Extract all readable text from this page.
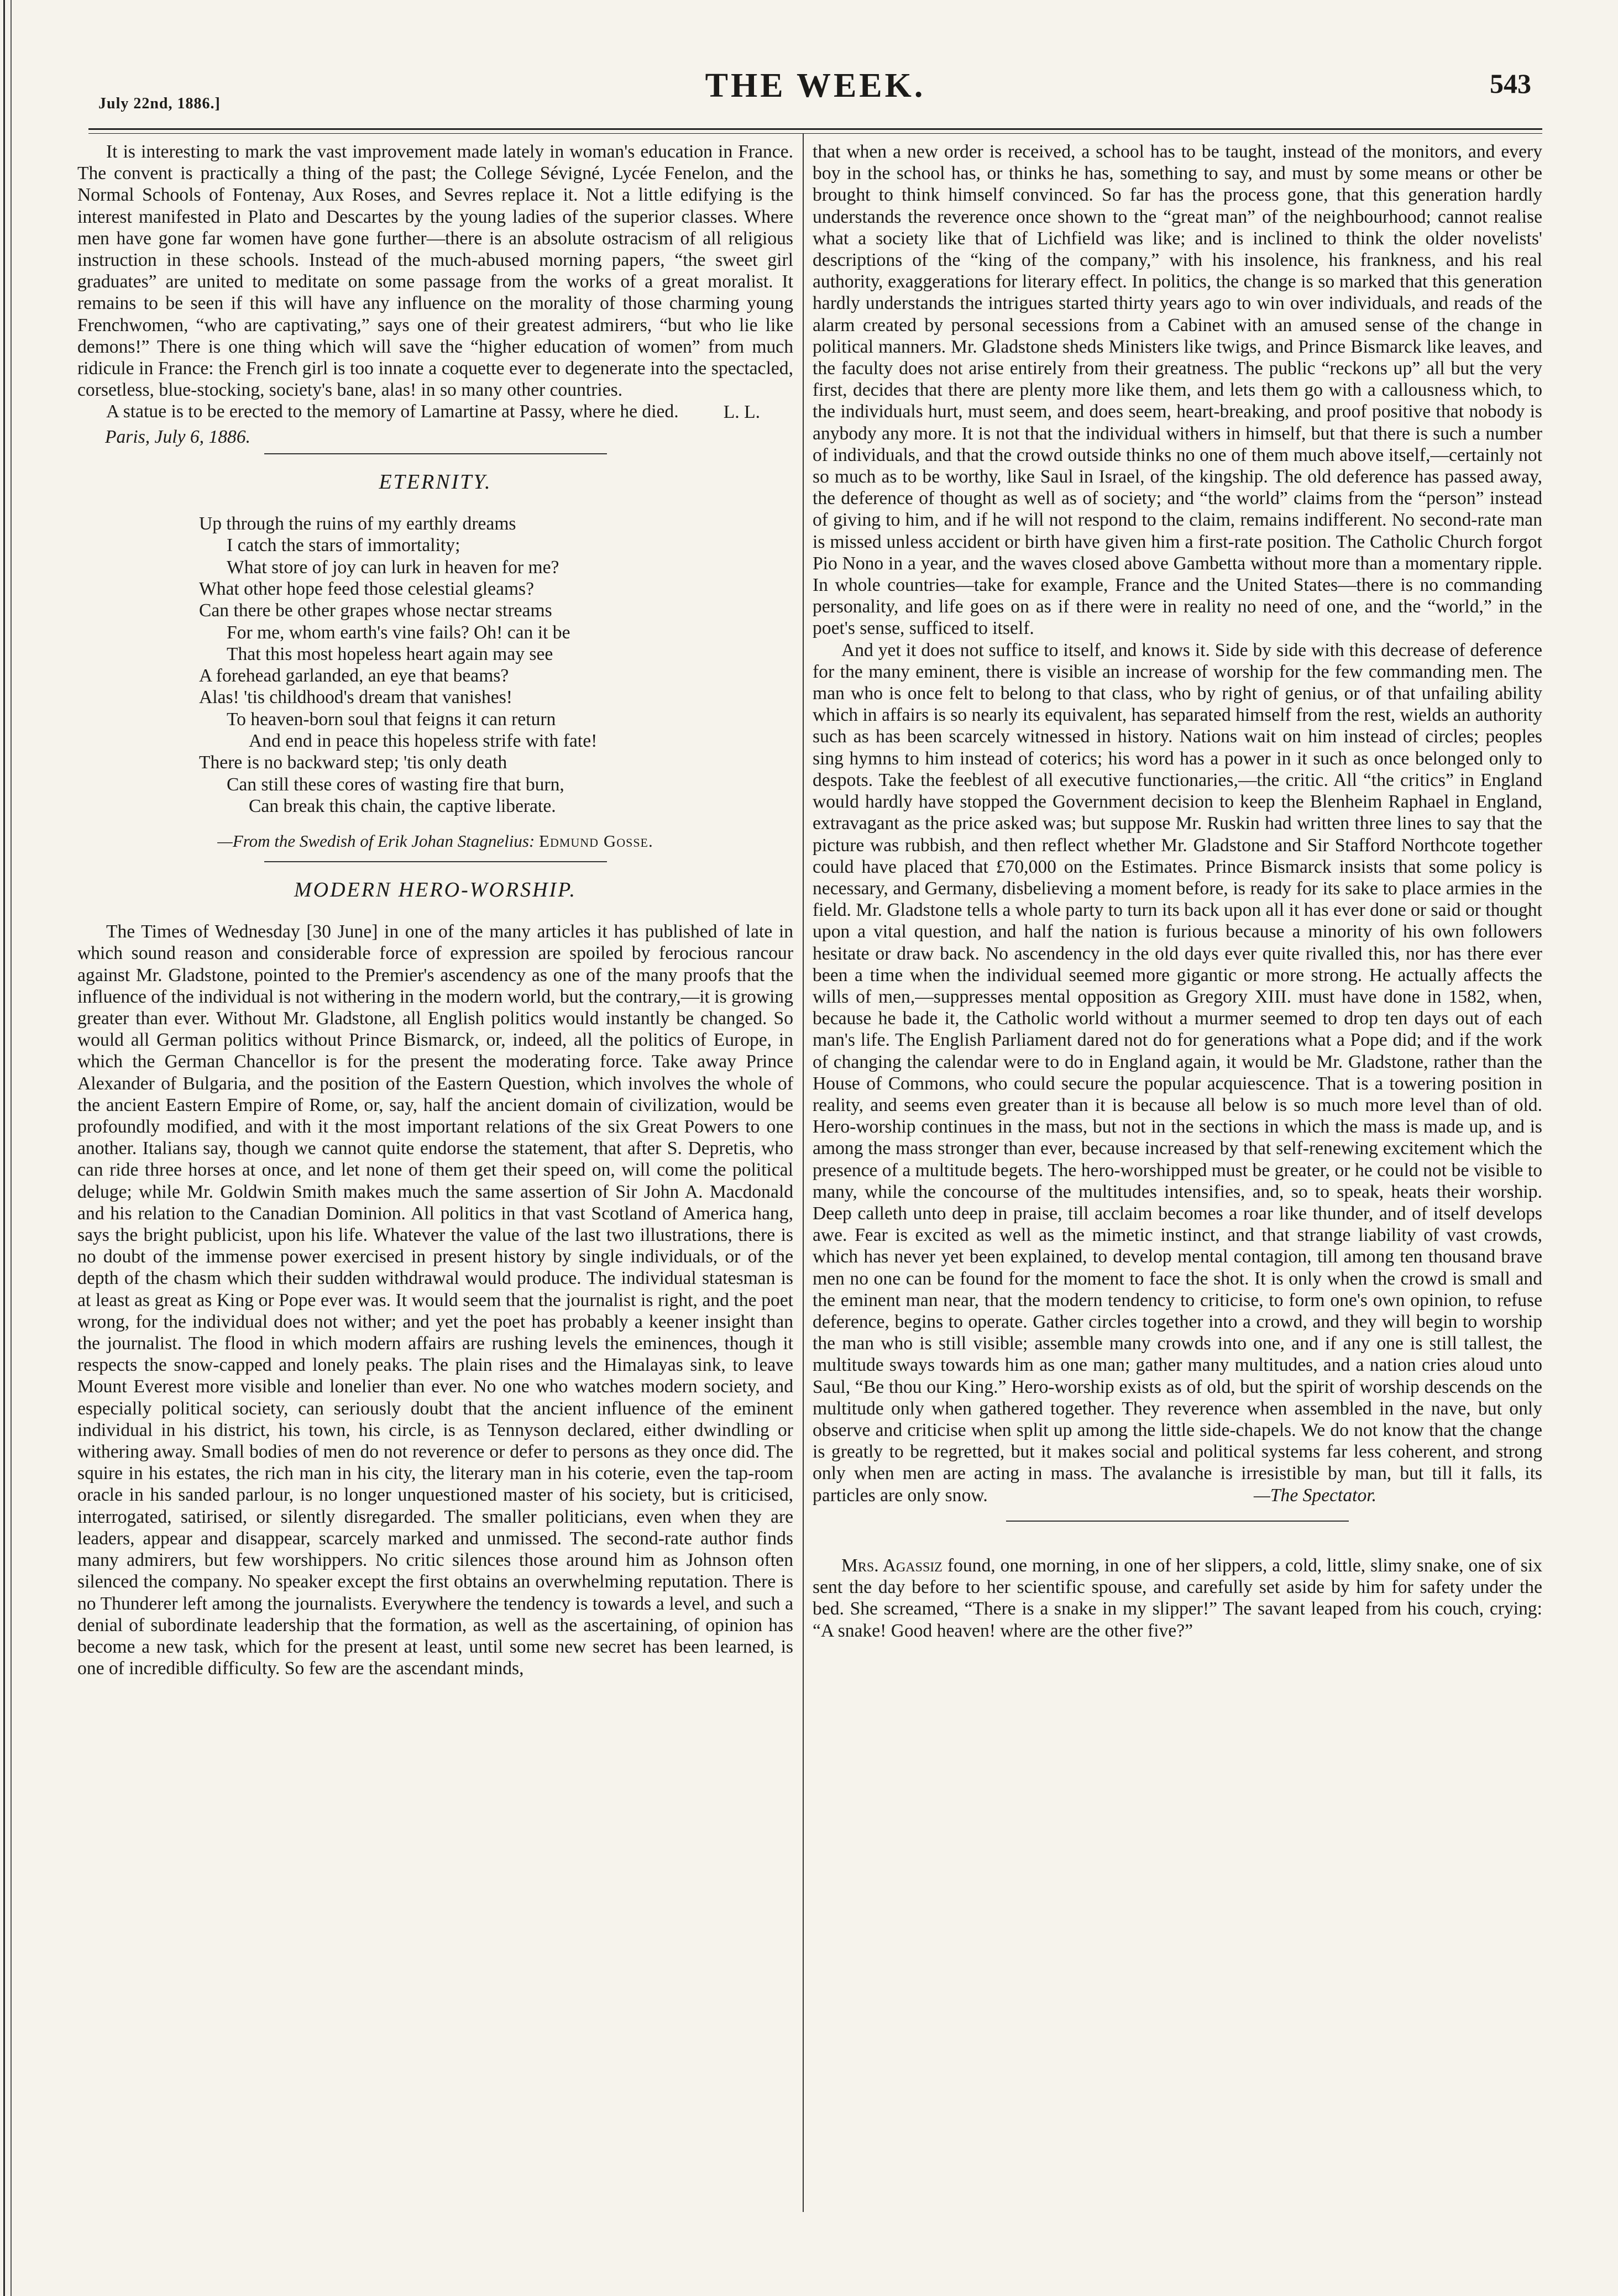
July 22nd, 1886.]	THE WEEK.	543

It is interesting to mark the vast improvement made lately in woman's education in France. The convent is practically a thing of the past; the College Sévigné, Lycée Fenelon, and the Normal Schools of Fontenay, Aux Roses, and Sevres replace it. Not a little edifying is the interest manifested in Plato and Descartes by the young ladies of the superior classes. Where men have gone far women have gone further—there is an absolute ostracism of all religious instruction in these schools. Instead of the much-abused morning papers, “the sweet girl graduates” are united to meditate on some passage from the works of a great moralist. It remains to be seen if this will have any influence on the morality of those charming young Frenchwomen, “who are captivating,” says one of their greatest admirers, “but who lie like demons!” There is one thing which will save the “higher education of women” from much ridicule in France: the French girl is too innate a coquette ever to degenerate into the spectacled, corsetless, blue-stocking, society's bane, alas! in so many other countries.

A statue is to be erected to the memory of Lamartine at Passy, where he died.	L. L.
Paris, July 6, 1886.
ETERNITY.
Up through the ruins of my earthly dreams
I catch the stars of immortality;
What store of joy can lurk in heaven for me?
What other hope feed those celestial gleams?
Can there be other grapes whose nectar streams
For me, whom earth's vine fails? Oh! can it be
That this most hopeless heart again may see
A forehead garlanded, an eye that beams?
Alas! 'tis childhood's dream that vanishes!
To heaven-born soul that feigns it can return
And end in peace this hopeless strife with fate!
There is no backward step; 'tis only death
Can still these cores of wasting fire that burn,
Can break this chain, the captive liberate.
—From the Swedish of Erik Johan Stagnelius: Edmund Gosse.
MODERN HERO-WORSHIP.

The Times of Wednesday [30 June] in one of the many articles it has published of late in which sound reason and considerable force of expression are spoiled by ferocious rancour against Mr. Gladstone, pointed to the Premier's ascendency as one of the many proofs that the influence of the individual is not withering in the modern world, but the contrary,—it is growing greater than ever. Without Mr. Gladstone, all English politics would instantly be changed. So would all German politics without Prince Bismarck, or, indeed, all the politics of Europe, in which the German Chancellor is for the present the moderating force. Take away Prince Alexander of Bulgaria, and the position of the Eastern Question, which involves the whole of the ancient Eastern Empire of Rome, or, say, half the ancient domain of civilization, would be profoundly modified, and with it the most important relations of the six Great Powers to one another. Italians say, though we cannot quite endorse the statement, that after S. Depretis, who can ride three horses at once, and let none of them get their speed on, will come the political deluge; while Mr. Goldwin Smith makes much the same assertion of Sir John A. Macdonald and his relation to the Canadian Dominion. All politics in that vast Scotland of America hang, says the bright publicist, upon his life. Whatever the value of the last two illustrations, there is no doubt of the immense power exercised in present history by single individuals, or of the depth of the chasm which their sudden withdrawal would produce. The individual statesman is at least as great as King or Pope ever was. It would seem that the journalist is right, and the poet wrong, for the individual does not wither; and yet the poet has probably a keener insight than the journalist. The flood in which modern affairs are rushing levels the eminences, though it respects the snow-capped and lonely peaks. The plain rises and the Himalayas sink, to leave Mount Everest more visible and lonelier than ever. No one who watches modern society, and especially political society, can seriously doubt that the ancient influence of the eminent individual in his district, his town, his circle, is as Tennyson declared, either dwindling or withering away. Small bodies of men do not reverence or defer to persons as they once did. The squire in his estates, the rich man in his city, the literary man in his coterie, even the tap-room oracle in his sanded parlour, is no longer unquestioned master of his society, but is criticised, interrogated, satirised, or silently disregarded. The smaller politicians, even when they are leaders, appear and disappear, scarcely marked and unmissed. The second-rate author finds many admirers, but few worshippers. No critic silences those around him as Johnson often silenced the company. No speaker except the first obtains an overwhelming reputation. There is no Thunderer left among the journalists. Everywhere the tendency is towards a level, and such a denial of subordinate leadership that the formation, as well as the ascertaining, of opinion has become a new task, which for the present at least, until some new secret has been learned, is one of incredible difficulty. So few are the ascendant minds,

that when a new order is received, a school has to be taught, instead of the monitors, and every boy in the school has, or thinks he has, something to say, and must by some means or other be brought to think himself convinced. So far has the process gone, that this generation hardly understands the reverence once shown to the “great man” of the neighbourhood; cannot realise what a society like that of Lichfield was like; and is inclined to think the older novelists' descriptions of the “king of the company,” with his insolence, his frankness, and his real authority, exaggerations for literary effect. In politics, the change is so marked that this generation hardly understands the intrigues started thirty years ago to win over individuals, and reads of the alarm created by personal secessions from a Cabinet with an amused sense of the change in political manners. Mr. Gladstone sheds Ministers like twigs, and Prince Bismarck like leaves, and the faculty does not arise entirely from their greatness. The public “reckons up” all but the very first, decides that there are plenty more like them, and lets them go with a callousness which, to the individuals hurt, must seem, and does seem, heart-breaking, and proof positive that nobody is anybody any more. It is not that the individual withers in himself, but that there is such a number of individuals, and that the crowd outside thinks no one of them much above itself,—certainly not so much as to be worthy, like Saul in Israel, of the kingship. The old deference has passed away, the deference of thought as well as of society; and “the world” claims from the “person” instead of giving to him, and if he will not respond to the claim, remains indifferent. No second-rate man is missed unless accident or birth have given him a first-rate position. The Catholic Church forgot Pio Nono in a year, and the waves closed above Gambetta without more than a momentary ripple. In whole countries—take for example, France and the United States—there is no commanding personality, and life goes on as if there were in reality no need of one, and the “world,” in the poet's sense, sufficed to itself.

And yet it does not suffice to itself, and knows it. Side by side with this decrease of deference for the many eminent, there is visible an increase of worship for the few commanding men. The man who is once felt to belong to that class, who by right of genius, or of that unfailing ability which in affairs is so nearly its equivalent, has separated himself from the rest, wields an authority such as has been scarcely witnessed in history. Nations wait on him instead of circles; peoples sing hymns to him instead of coterics; his word has a power in it such as once belonged only to despots. Take the feeblest of all executive functionaries,—the critic. All “the critics” in England would hardly have stopped the Government decision to keep the Blenheim Raphael in England, extravagant as the price asked was; but suppose Mr. Ruskin had written three lines to say that the picture was rubbish, and then reflect whether Mr. Gladstone and Sir Stafford Northcote together could have placed that £70,000 on the Estimates. Prince Bismarck insists that some policy is necessary, and Germany, disbelieving a moment before, is ready for its sake to place armies in the field. Mr. Gladstone tells a whole party to turn its back upon all it has ever done or said or thought upon a vital question, and half the nation is furious because a minority of his own followers hesitate or draw back. No ascendency in the old days ever quite rivalled this, nor has there ever been a time when the individual seemed more gigantic or more strong. He actually affects the wills of men,—suppresses mental opposition as Gregory XIII. must have done in 1582, when, because he bade it, the Catholic world without a murmer seemed to drop ten days out of each man's life. The English Parliament dared not do for generations what a Pope did; and if the work of changing the calendar were to do in England again, it would be Mr. Gladstone, rather than the House of Commons, who could secure the popular acquiescence. That is a towering position in reality, and seems even greater than it is because all below is so much more level than of old. Hero-worship continues in the mass, but not in the sections in which the mass is made up, and is among the mass stronger than ever, because increased by that self-renewing excitement which the presence of a multitude begets. The hero-worshipped must be greater, or he could not be visible to many, while the concourse of the multitudes intensifies, and, so to speak, heats their worship. Deep calleth unto deep in praise, till acclaim becomes a roar like thunder, and of itself develops awe. Fear is excited as well as the mimetic instinct, and that strange liability of vast crowds, which has never yet been explained, to develop mental contagion, till among ten thousand brave men no one can be found for the moment to face the shot. It is only when the crowd is small and the eminent man near, that the modern tendency to criticise, to form one's own opinion, to refuse deference, begins to operate. Gather circles together into a crowd, and they will begin to worship the man who is still visible; assemble many crowds into one, and if any one is still tallest, the multitude sways towards him as one man; gather many multitudes, and a nation cries aloud unto Saul, “Be thou our King.” Hero-worship exists as of old, but the spirit of worship descends on the multitude only when gathered together. They reverence when assembled in the nave, but only observe and criticise when split up among the little side-chapels. We do not know that the change is greatly to be regretted, but it makes social and political systems far less coherent, and strong only when men are acting in mass. The avalanche is irresistible by man, but till it falls, its particles are only snow.	—The Spectator.

Mrs. Agassiz found, one morning, in one of her slippers, a cold, little, slimy snake, one of six sent the day before to her scientific spouse, and carefully set aside by him for safety under the bed. She screamed, “There is a snake in my slipper!” The savant leaped from his couch, crying: “A snake! Good heaven! where are the other five?”
